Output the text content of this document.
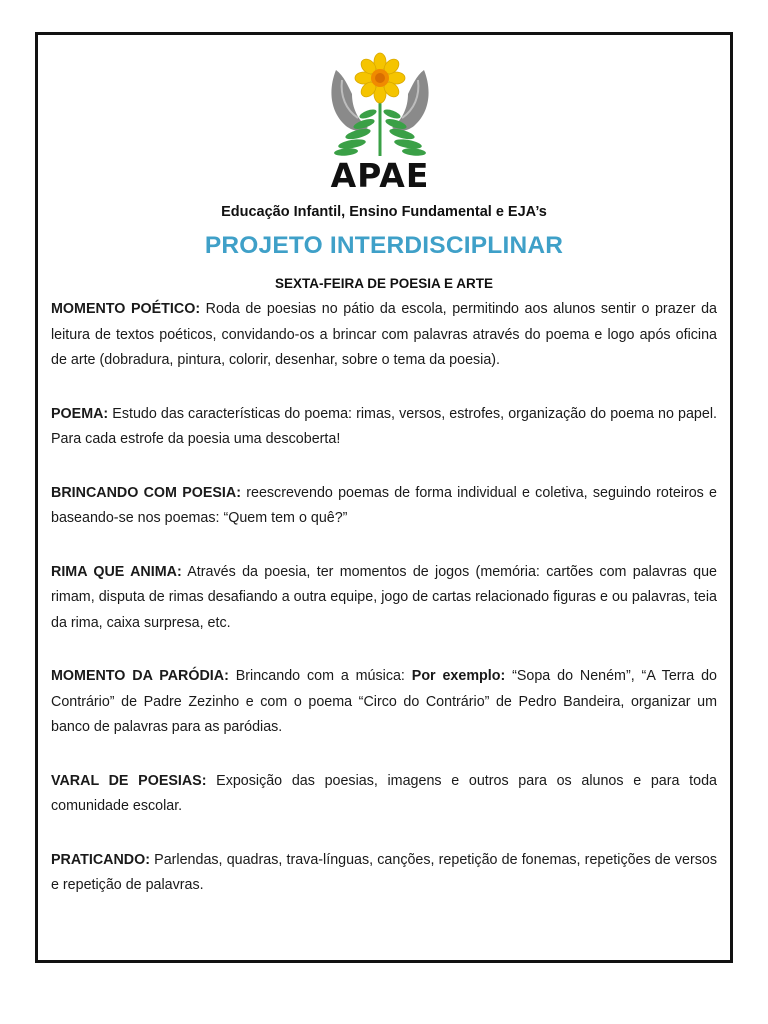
APAE
Educação Infantil, Ensino Fundamental e EJA’s
PROJETO INTERDISCIPLINAR
SEXTA-FEIRA DE POESIA E ARTE

MOMENTO POÉTICO: Roda de poesias no pátio da escola, permitindo aos alunos sentir o prazer da leitura de textos poéticos, convidando-os a brincar com palavras através do poema e logo após oficina de arte (dobradura, pintura, colorir, desenhar, sobre o tema da poesia).

POEMA: Estudo das características do poema: rimas, versos, estrofes, organização do poema no papel. Para cada estrofe da poesia uma descoberta!

BRINCANDO COM POESIA: reescrevendo poemas de forma individual e coletiva, seguindo roteiros e baseando-se nos poemas: “Quem tem o quê?”

RIMA QUE ANIMA: Através da poesia, ter momentos de jogos (memória: cartões com palavras que rimam, disputa de rimas desafiando a outra equipe, jogo de cartas relacionado figuras e ou palavras, teia da rima, caixa surpresa, etc.

MOMENTO DA PARÓDIA: Brincando com a música: Por exemplo: “Sopa do Neném”, “A Terra do Contrário” de Padre Zezinho e com o poema “Circo do Contrário” de Pedro Bandeira, organizar um banco de palavras para as paródias.

VARAL DE POESIAS: Exposição das poesias, imagens e outros para os alunos e para toda comunidade escolar.

PRATICANDO: Parlendas, quadras, trava-línguas, canções, repetição de fonemas, repetições de versos e repetição de palavras.
